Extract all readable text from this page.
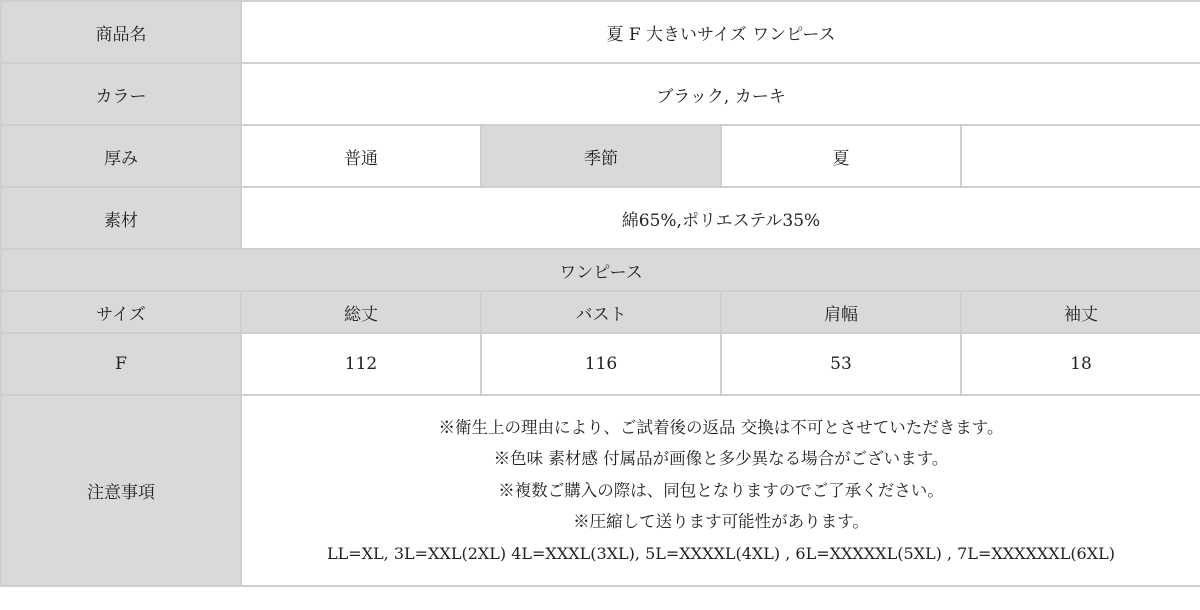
商品名	夏 F 大きいサイズ ワンピース			
カラー	ブラック, カーキ			
厚み	普通	季節	夏	
素材	綿65%,ポリエステル35%			
ワンピース				
サイズ	総丈	バスト	肩幅	袖丈
F	112	116	53	18
注意事項	※衛生上の理由により、ご試着後の返品 交換は不可とさせていただきます。
※色味 素材感 付属品が画像と多少異なる場合がございます。
※複数ご購入の際は、同包となりますのでご了承ください。
※圧縮して送ります可能性があります。
LL=XL, 3L=XXL(2XL) 4L=XXXL(3XL), 5L=XXXXL(4XL) , 6L=XXXXXL(5XL) , 7L=XXXXXXL(6XL)			
